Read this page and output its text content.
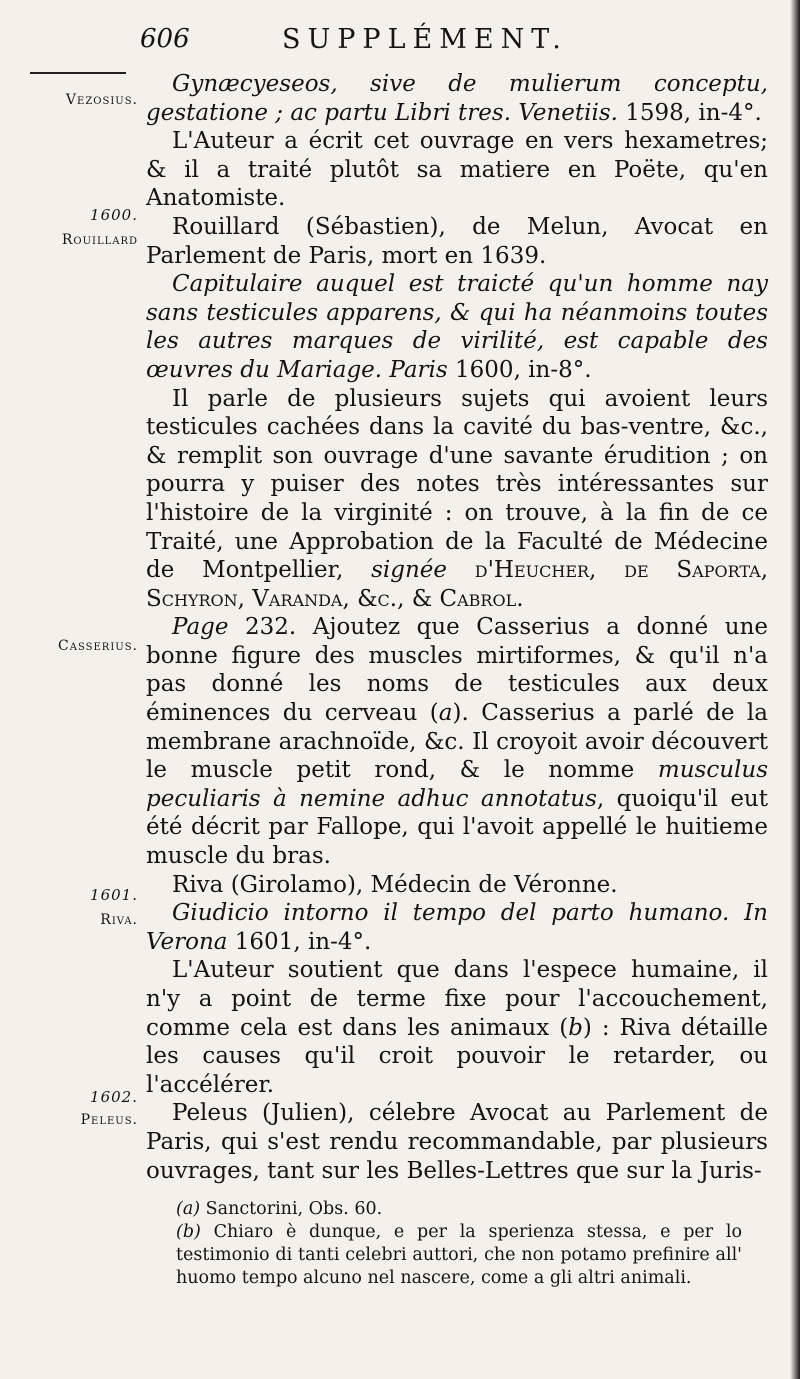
606	SUPPLÉMENT.
Vezosius.
1600.
Rouillard
Casserius.
1601.
Riva.
1602.
Peleus.

Gynæcyeseos, sive de mulierum conceptu, gestatione ; ac partu Libri tres. Venetiis. 1598, in-4°.

L'Auteur a écrit cet ouvrage en vers hexametres; & il a traité plutôt sa matiere en Poëte, qu'en Anatomiste.

Rouillard (Sébastien), de Melun, Avocat en Parlement de Paris, mort en 1639.

Capitulaire auquel est traicté qu'un homme nay sans testicules apparens, & qui ha néanmoins toutes les autres marques de virilité, est capable des œuvres du Mariage. Paris 1600, in-8°.

Il parle de plusieurs sujets qui avoient leurs testicules cachées dans la cavité du bas-ventre, &c., & remplit son ouvrage d'une savante érudition ; on pourra y puiser des notes très intéressantes sur l'histoire de la virginité : on trouve, à la fin de ce Traité, une Approbation de la Faculté de Médecine de Montpellier, signée d'Heucher, de Saporta, Schyron, Varanda, &c., & Cabrol.

Page 232. Ajoutez que Casserius a donné une bonne figure des muscles mirtiformes, & qu'il n'a pas donné les noms de testicules aux deux éminences du cerveau (a). Casserius a parlé de la membrane arachnoïde, &c. Il croyoit avoir découvert le muscle petit rond, & le nomme musculus peculiaris à nemine adhuc annotatus, quoiqu'il eut été décrit par Fallope, qui l'avoit appellé le huitieme muscle du bras.

Riva (Girolamo), Médecin de Véronne.

Giudicio intorno il tempo del parto humano. In Verona 1601, in-4°.

L'Auteur soutient que dans l'espece humaine, il n'y a point de terme fixe pour l'accouchement, comme cela est dans les animaux (b) : Riva détaille les causes qu'il croit pouvoir le retarder, ou l'accélérer.

Peleus (Julien), célebre Avocat au Parlement de Paris, qui s'est rendu recommandable, par plusieurs ouvrages, tant sur les Belles-Lettres que sur la Juris-

(a) Sanctorini, Obs. 60.

(b) Chiaro è dunque, e per la sperienza stessa, e per lo testimonio di tanti celebri auttori, che non potamo prefinire all' huomo tempo alcuno nel nascere, come a gli altri animali.
